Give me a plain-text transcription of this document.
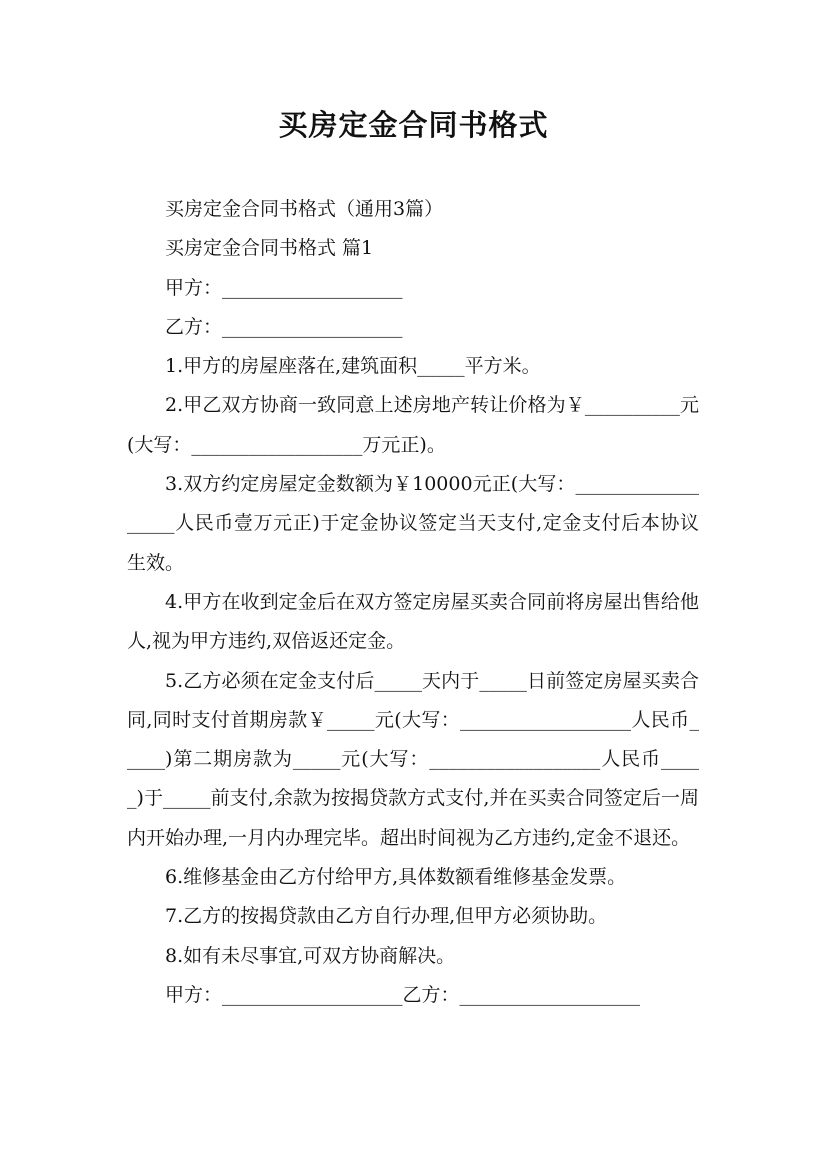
买房定金合同书格式

买房定金合同书格式（通用3篇）

买房定金合同书格式 篇1

甲方：___________________

乙方：___________________

1.甲方的房屋座落在,建筑面积_____平方米。

2.甲乙双方协商一致同意上述房地产转让价格为￥__________元(大写：__________________万元正)。

3.双方约定房屋定金数额为￥10000元正(大写：__________________人民币壹万元正)于定金协议签定当天支付,定金支付后本协议生效。

4.甲方在收到定金后在双方签定房屋买卖合同前将房屋出售给他人,视为甲方违约,双倍返还定金。

5.乙方必须在定金支付后_____天内于_____日前签定房屋买卖合同,同时支付首期房款￥_____元(大写：__________________人民币_____)第二期房款为_____元(大写：__________________人民币_____)于_____前支付,余款为按揭贷款方式支付,并在买卖合同签定后一周内开始办理,一月内办理完毕。超出时间视为乙方违约,定金不退还。

6.维修基金由乙方付给甲方,具体数额看维修基金发票。

7.乙方的按揭贷款由乙方自行办理,但甲方必须协助。

8.如有未尽事宜,可双方协商解决。

甲方：___________________乙方：___________________
